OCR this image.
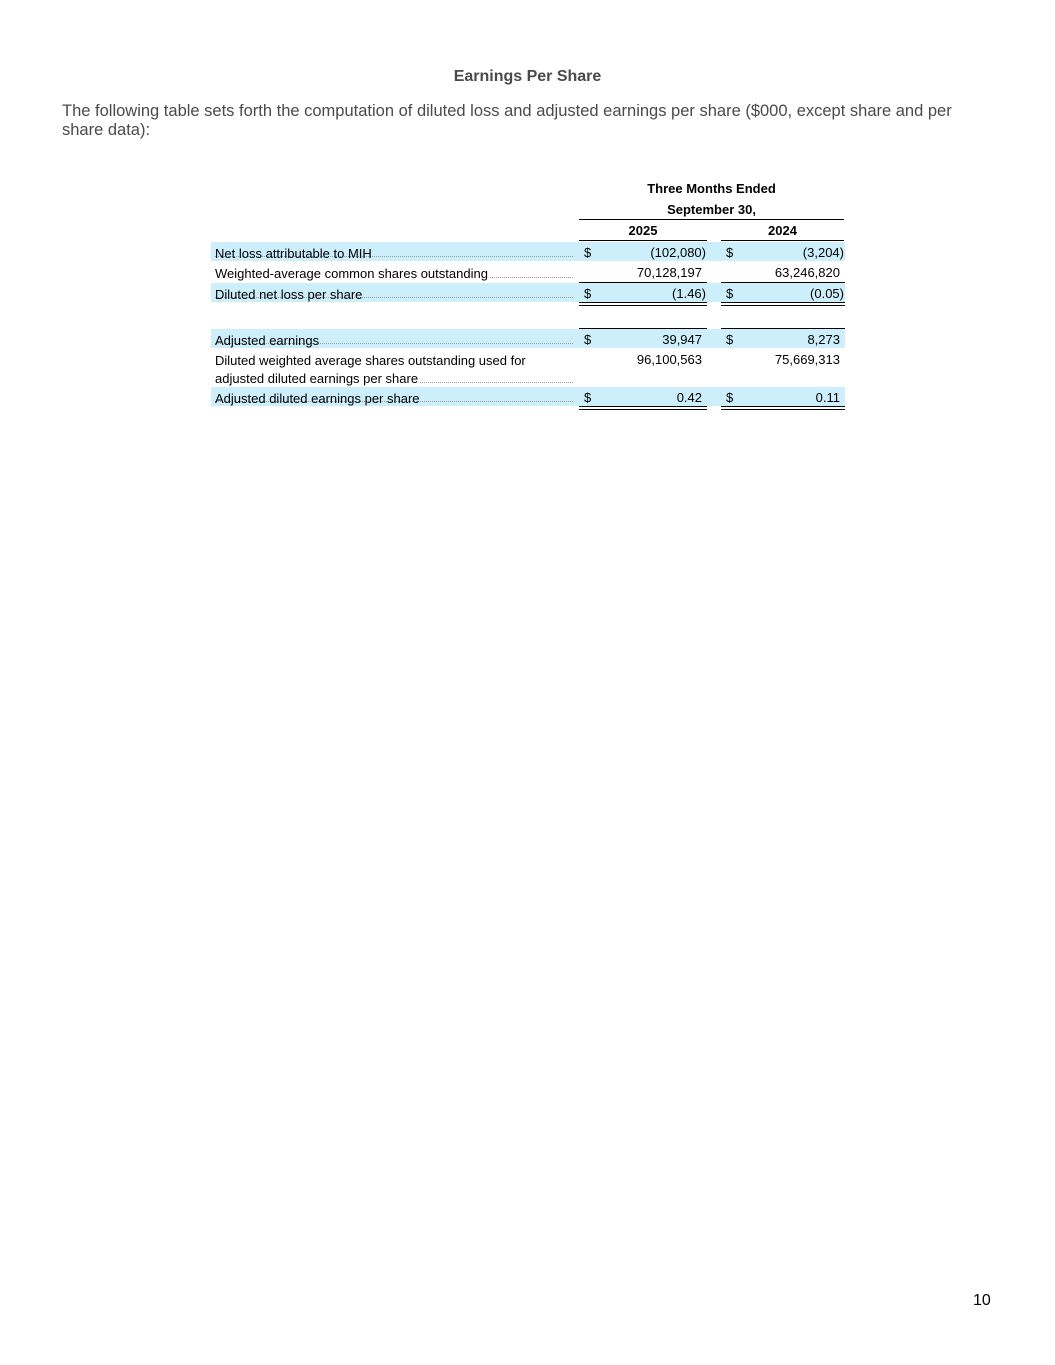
Earnings Per Share
The following table sets forth the computation of diluted loss and adjusted earnings per share ($000, except share and per share data):
Three Months Ended
September 30,
2025	2024
Net loss attributable to MIH	$	(102,080) $	(3,204)
Weighted-average common shares outstanding	70,128,197	63,246,820
Diluted net loss per share	$	(1.46) $	(0.05)
Adjusted earnings	$	39,947 $	8,273
Diluted weighted average shares outstanding used for
adjusted diluted earnings per share
96,100,563	75,669,313
Adjusted diluted earnings per share	$	0.42 $	0.11
10
